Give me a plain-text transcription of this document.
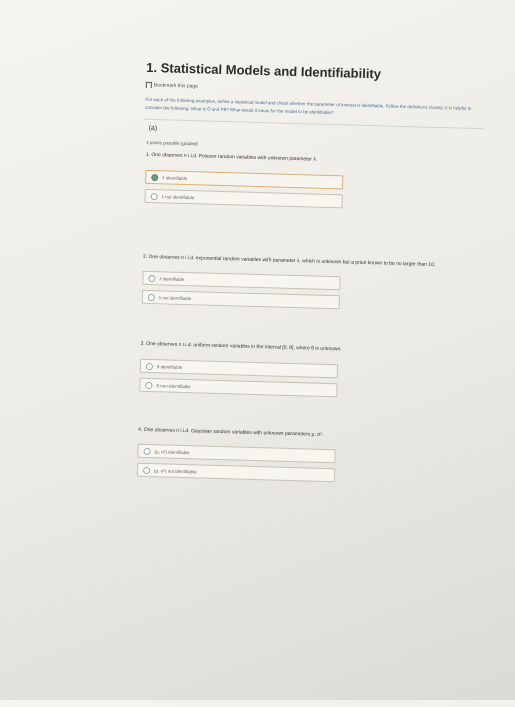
1. Statistical Models and Identifiability
Bookmark this page
For each of the following examples, define a statistical model and check whether the parameter of interest is identifiable. Follow the definitions closely; it is helpful to consider the following: What is Θ and Pθ? What would it mean for the model to be identifiable?
(a)
4 points possible (graded)
1. One observes n i.i.d. Poisson random variables with unknown parameter λ.
λ identifiable
λ not identifiable
2. One observes n i.i.d. exponential random variables with parameter λ, which is unknown but a priori known to be no larger than 10.
λ identifiable
λ not identifiable
3. One observes n i.i.d. uniform random variables in the interval [0, θ], where θ is unknown.
θ identifiable
θ non-identifiable
4. One observes n i.i.d. Gaussian random variables with unknown parameters μ, σ².
(μ, σ²) identifiable
(μ, σ²) not identifiable
